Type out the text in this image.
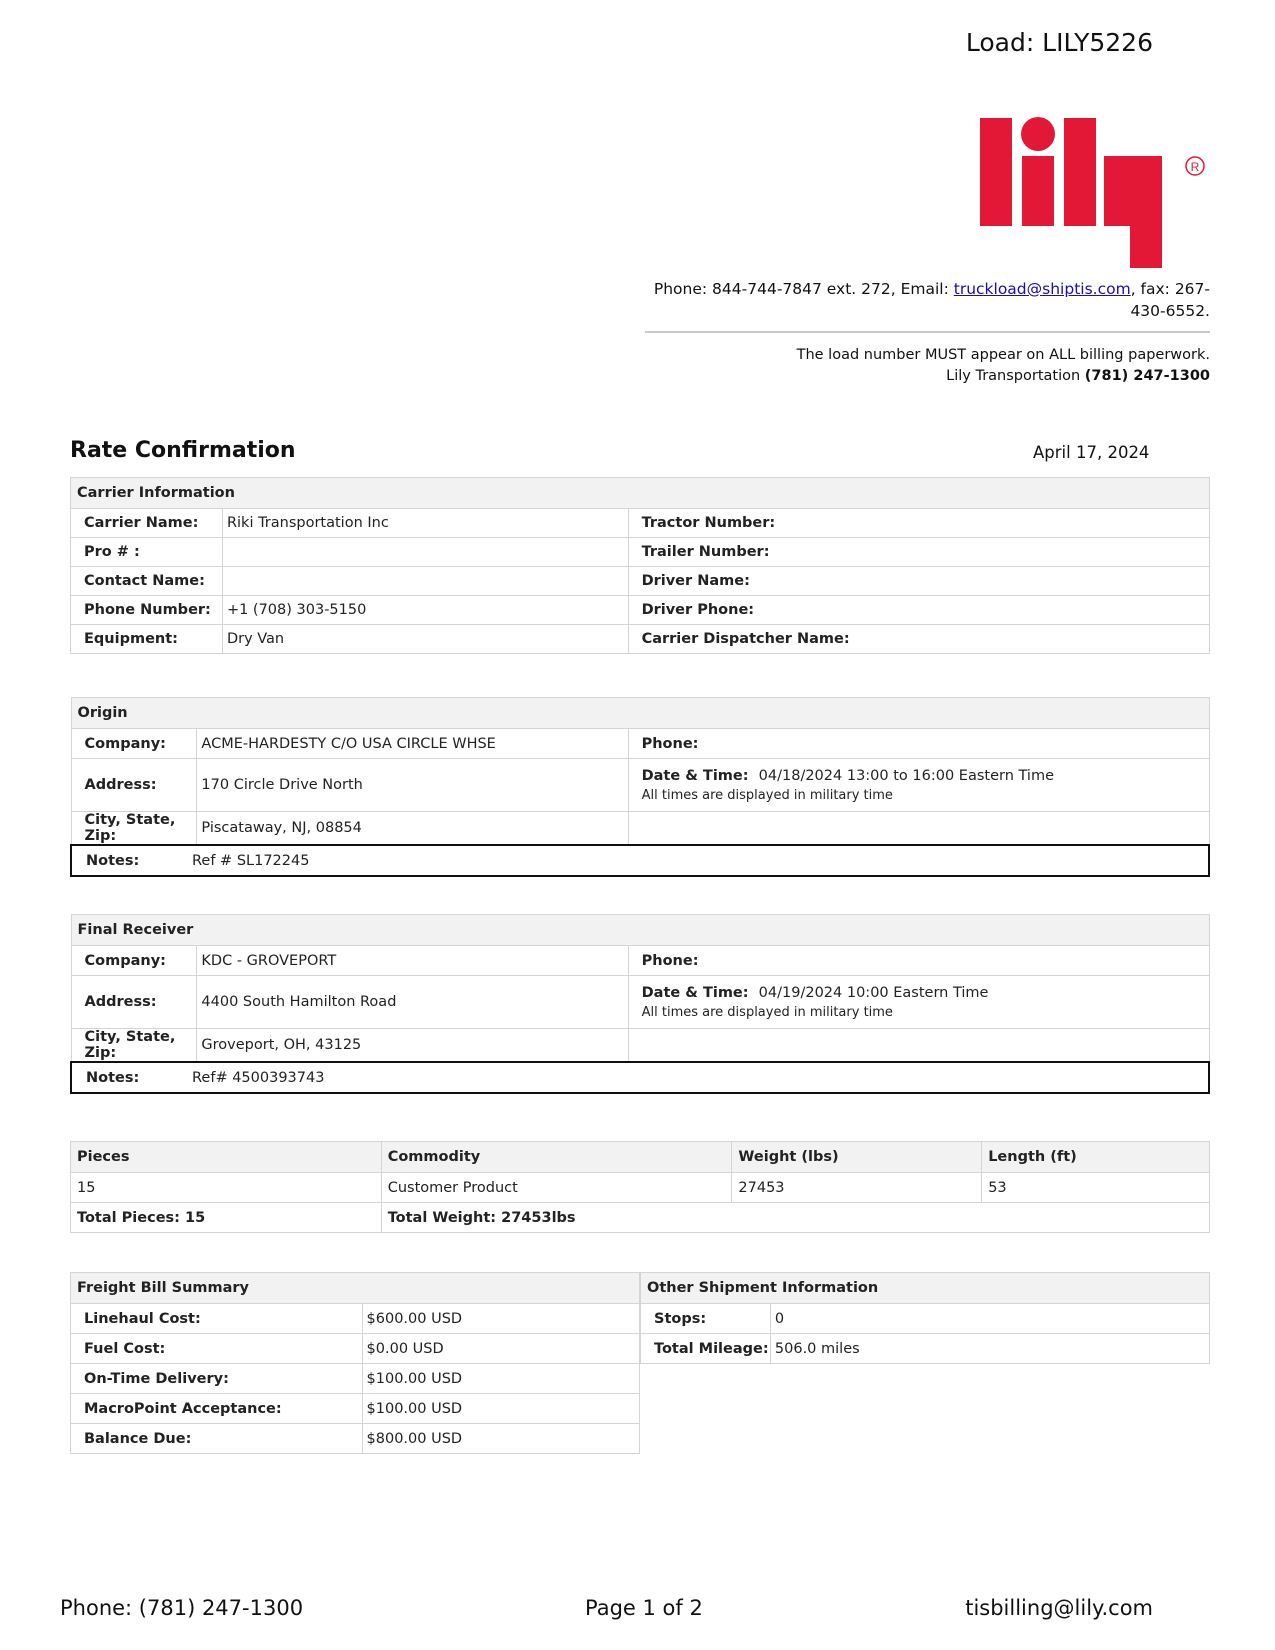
Load: LILY5226
R
Phone: 844-744-7847 ext. 272, Email: truckload@shiptis.com, fax: 267-
430-6552.
The load number MUST appear on ALL billing paperwork.
Lily Transportation (781) 247-1300
Rate Confirmation	April 17, 2024
Carrier Information		
Carrier Name:	Riki Transportation Inc	Tractor Number:
Pro # :		Trailer Number:
Contact Name:		Driver Name:
Phone Number:	+1 (708) 303-5150	Driver Phone:
Equipment:	Dry Van	Carrier Dispatcher Name:
Origin		
Company:	ACME-HARDESTY C/O USA CIRCLE WHSE	Phone:
Address:	170 Circle Drive North	Date & Time: 04/18/2024 13:00 to 16:00 Eastern Time
All times are displayed in military time

City, State, Zip:	Piscataway, NJ, 08854	
Notes: Ref # SL172245		
Final Receiver		
Company:	KDC - GROVEPORT	Phone:
Address:	4400 South Hamilton Road	Date & Time: 04/19/2024 10:00 Eastern Time
All times are displayed in military time

City, State, Zip:	Groveport, OH, 43125	
Notes: Ref# 4500393743		
Pieces	Commodity	Weight (lbs)	Length (ft)
15	Customer Product	27453	53
Total Pieces: 15	Total Weight: 27453lbs		
Freight Bill Summary	
Linehaul Cost:	$600.00 USD
Fuel Cost:	$0.00 USD
On-Time Delivery:	$100.00 USD
MacroPoint Acceptance:	$100.00 USD
Balance Due:	$800.00 USD
Other Shipment Information	
Stops:	0
Total Mileage:	506.0 miles
Phone: (781) 247-1300	Page 1 of 2	tisbilling@lily.com
